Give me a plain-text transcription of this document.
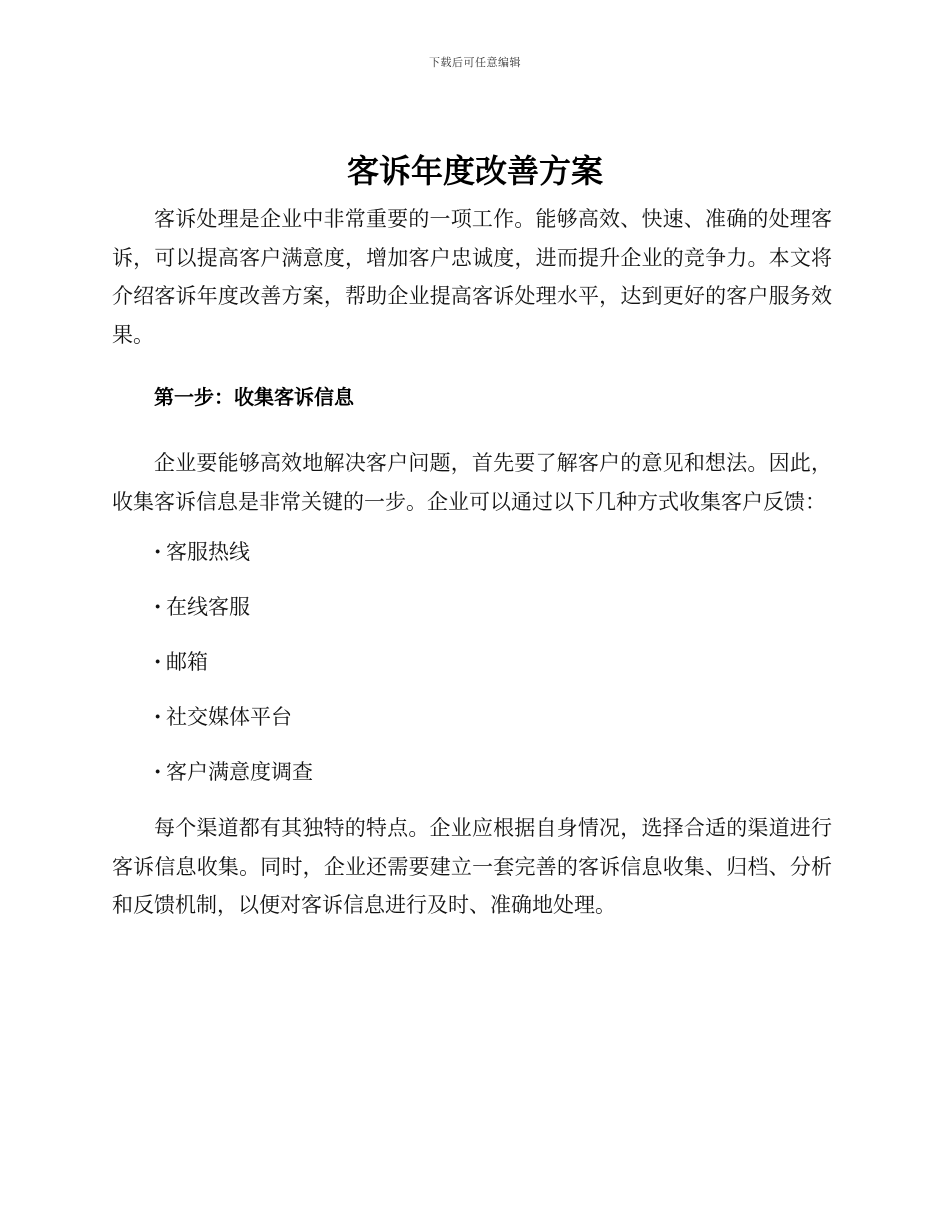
下载后可任意编辑
客诉年度改善方案

客诉处理是企业中非常重要的一项工作。能够高效、快速、准确的处理客诉，可以提高客户满意度，增加客户忠诚度，进而提升企业的竞争力。本文将介绍客诉年度改善方案，帮助企业提高客诉处理水平，达到更好的客户服务效果。

第一步：收集客诉信息

企业要能够高效地解决客户问题，首先要了解客户的意见和想法。因此，收集客诉信息是非常关键的一步。企业可以通过以下几种方式收集客户反馈：

· 客服热线
· 在线客服
· 邮箱
· 社交媒体平台
· 客户满意度调查

每个渠道都有其独特的特点。企业应根据自身情况，选择合适的渠道进行客诉信息收集。同时，企业还需要建立一套完善的客诉信息收集、归档、分析和反馈机制，以便对客诉信息进行及时、准确地处理。
